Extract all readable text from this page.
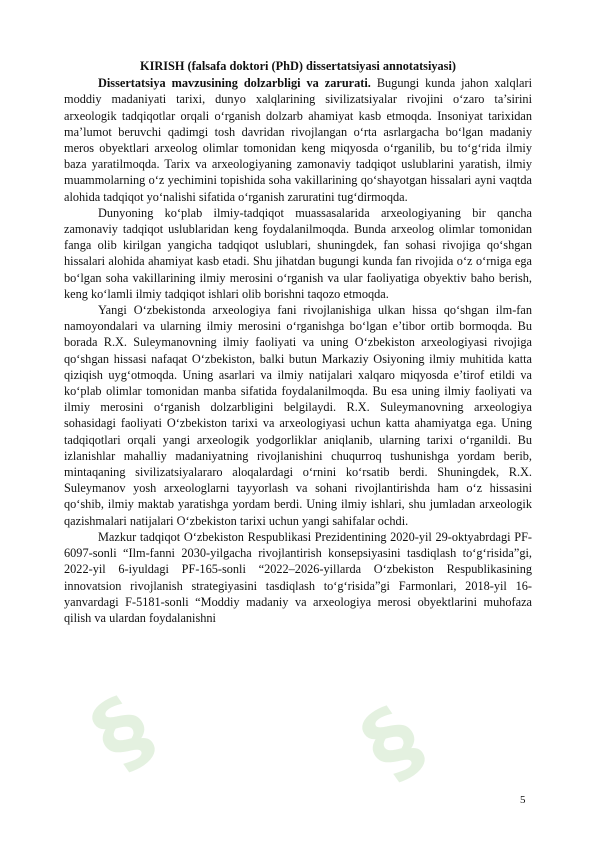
§ §
KIRISH (falsafa doktori (PhD) dissertatsiyasi annotatsiyasi)

Dissertatsiya mavzusining dolzarbligi va zarurati. Bugungi kunda jahon xalqlari moddiy madaniyati tarixi, dunyo xalqlarining sivilizatsiyalar rivojini o‘zaro ta’sirini arxeologik tadqiqotlar orqali o‘rganish dolzarb ahamiyat kasb etmoqda. Insoniyat tarixidan ma’lumot beruvchi qadimgi tosh davridan rivojlangan o‘rta asrlargacha bo‘lgan madaniy meros obyektlari arxeolog olimlar tomonidan keng miqyosda o‘rganilib, bu to‘g‘rida ilmiy baza yaratilmoqda. Tarix va arxeologiyaning zamonaviy tadqiqot uslublarini yaratish, ilmiy muammolarning o‘z yechimini topishida soha vakillarining qo‘shayotgan hissalari ayni vaqtda alohida tadqiqot yo‘nalishi sifatida o‘rganish zaruratini tug‘dirmoqda.

Dunyoning ko‘plab ilmiy-tadqiqot muassasalarida arxeologiyaning bir qancha zamonaviy tadqiqot uslublaridan keng foydalanilmoqda. Bunda arxeolog olimlar tomonidan fanga olib kirilgan yangicha tadqiqot uslublari, shuningdek, fan sohasi rivojiga qo‘shgan hissalari alohida ahamiyat kasb etadi. Shu jihatdan bugungi kunda fan rivojida o‘z o‘rniga ega bo‘lgan soha vakillarining ilmiy merosini o‘rganish va ular faoliyatiga obyektiv baho berish, keng ko‘lamli ilmiy tadqiqot ishlari olib borishni taqozo etmoqda.

Yangi O‘zbekistonda arxeologiya fani rivojlanishiga ulkan hissa qo‘shgan ilm-fan namoyondalari va ularning ilmiy merosini o‘rganishga bo‘lgan e’tibor ortib bormoqda. Bu borada R.X. Suleymanovning ilmiy faoliyati va uning O‘zbekiston arxeologiyasi rivojiga qo‘shgan hissasi nafaqat O‘zbekiston, balki butun Markaziy Osiyoning ilmiy muhitida katta qiziqish uyg‘otmoqda. Uning asarlari va ilmiy natijalari xalqaro miqyosda e’tirof etildi va ko‘plab olimlar tomonidan manba sifatida foydalanilmoqda. Bu esa uning ilmiy faoliyati va ilmiy merosini o‘rganish dolzarbligini belgilaydi. R.X. Suleymanovning arxeologiya sohasidagi faoliyati O‘zbekiston tarixi va arxeologiyasi uchun katta ahamiyatga ega. Uning tadqiqotlari orqali yangi arxeologik yodgorliklar aniqlanib, ularning tarixi o‘rganildi. Bu izlanishlar mahalliy madaniyatning rivojlanishini chuqurroq tushunishga yordam berib, mintaqaning sivilizatsiyalararo aloqalardagi o‘rnini ko‘rsatib berdi. Shuningdek, R.X. Suleymanov yosh arxeologlarni tayyorlash va sohani rivojlantirishda ham o‘z hissasini qo‘shib, ilmiy maktab yaratishga yordam berdi. Uning ilmiy ishlari, shu jumladan arxeologik qazishmalari natijalari O‘zbekiston tarixi uchun yangi sahifalar ochdi.

Mazkur tadqiqot O‘zbekiston Respublikasi Prezidentining 2020-yil 29-oktyabrdagi PF-6097-sonli “Ilm-fanni 2030-yilgacha rivojlantirish konsepsiyasini tasdiqlash to‘g‘risida”gi, 2022-yil 6-iyuldagi PF-165-sonli “2022–2026-yillarda O‘zbekiston Respublikasining innovatsion rivojlanish strategiyasini tasdiqlash to‘g‘risida”gi Farmonlari, 2018-yil 16-yanvardagi F-5181-sonli “Moddiy madaniy va arxeologiya merosi obyektlarini muhofaza qilish va ulardan foydalanishni

5
